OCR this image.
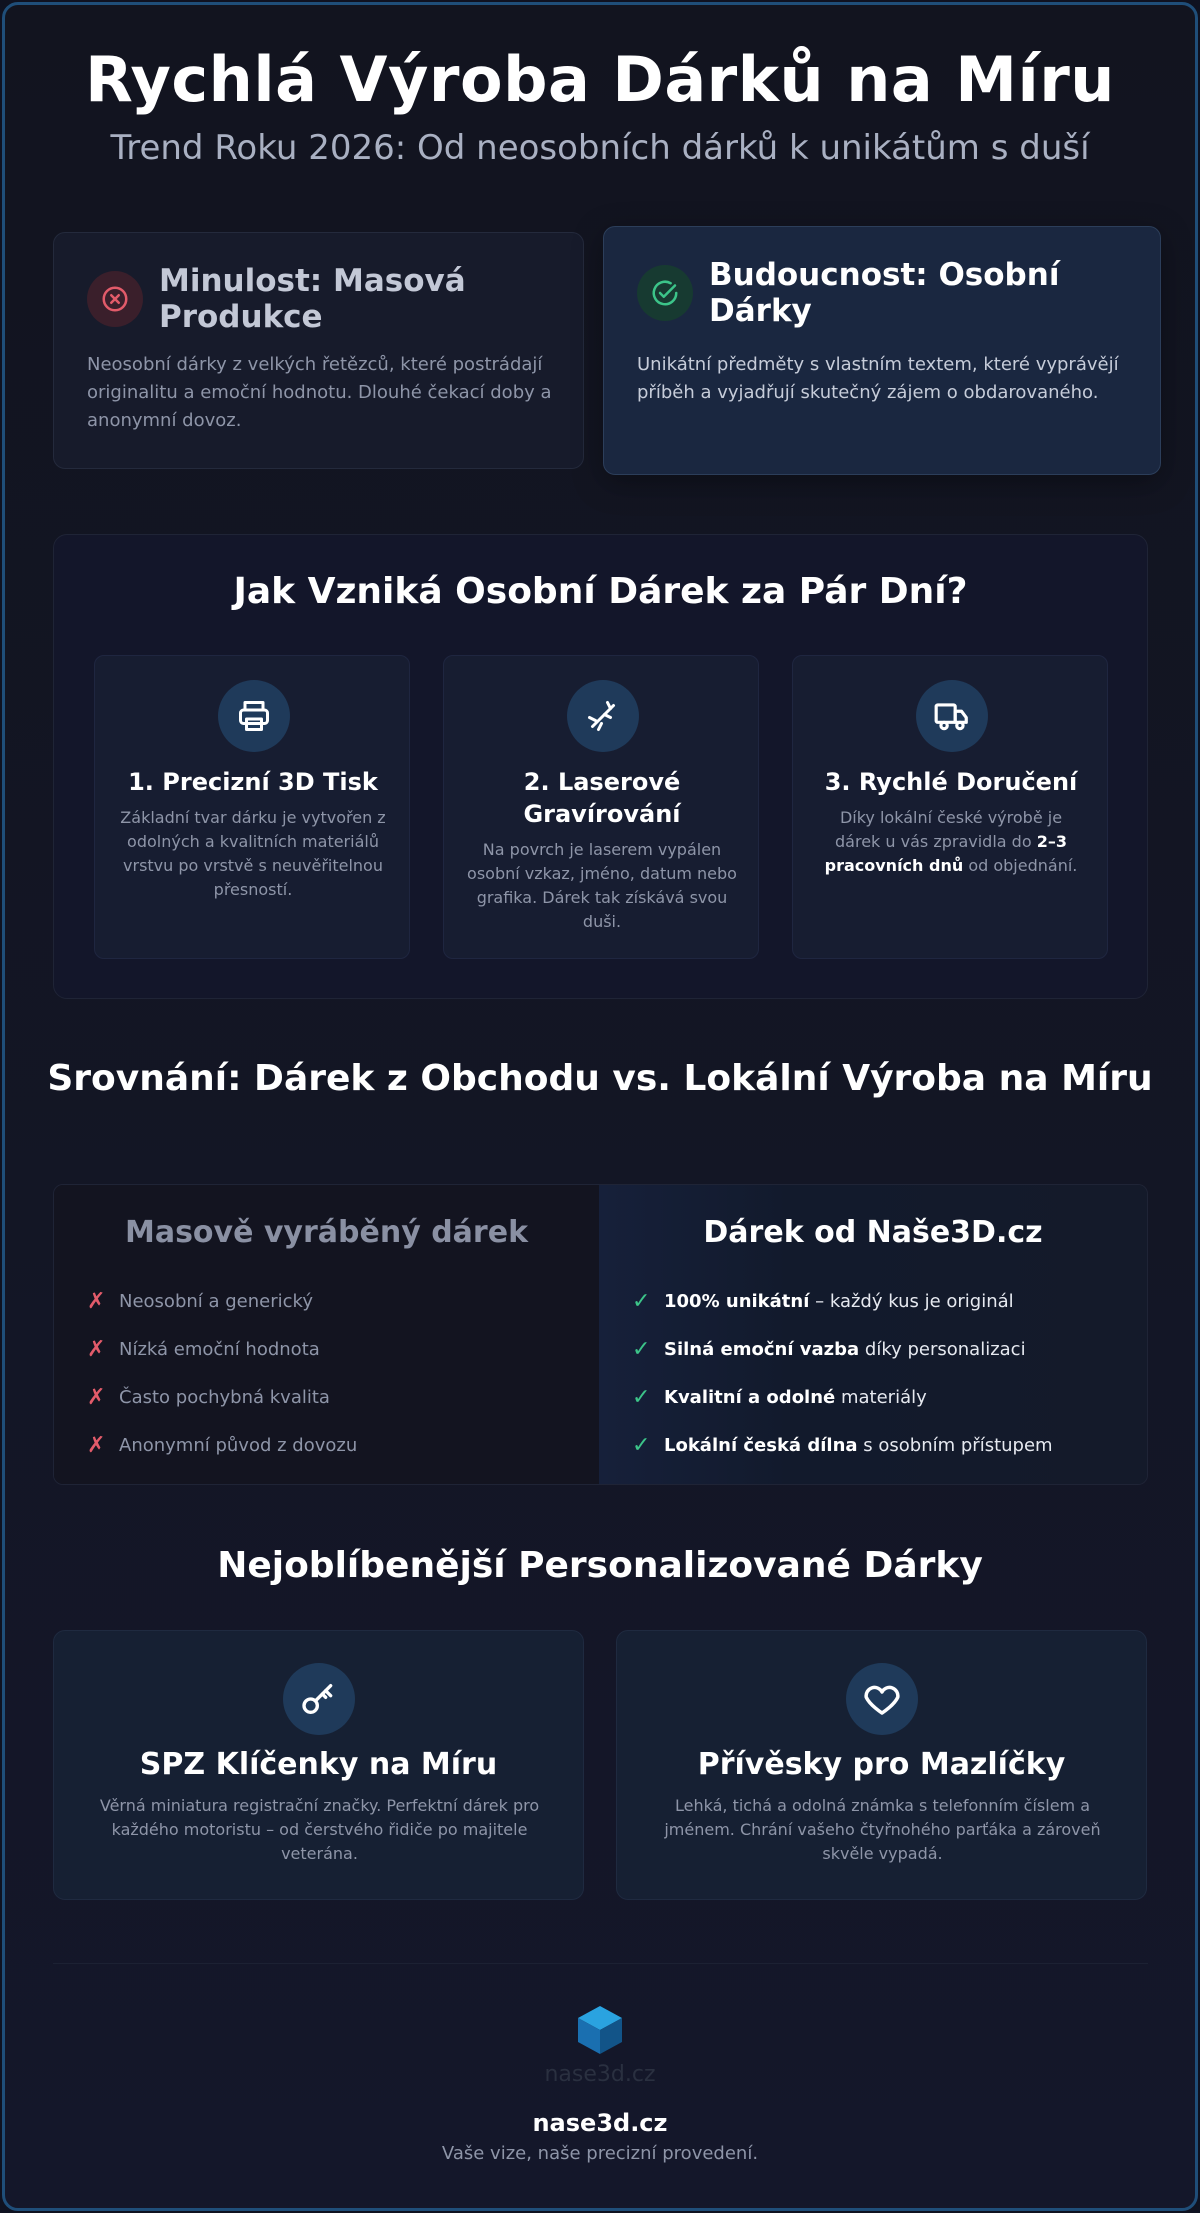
Rychlá Výroba Dárků na Míru
Trend Roku 2026: Od neosobních dárků k unikátům s duší
Minulost: Masová Produkce

Neosobní dárky z velkých řetězců, které postrádají originalitu a emoční hodnotu. Dlouhé čekací doby a anonymní dovoz.

Budoucnost: Osobní Dárky

Unikátní předměty s vlastním textem, které vyprávějí příběh a vyjadřují skutečný zájem o obdarovaného.

Jak Vzniká Osobní Dárek za Pár Dní?
1. Precizní 3D Tisk

Základní tvar dárku je vytvořen z odolných a kvalitních materiálů vrstvu po vrstvě s neuvěřitelnou přesností.

2. Laserové Gravírování

Na povrch je laserem vypálen osobní vzkaz, jméno, datum nebo grafika. Dárek tak získává svou duši.

3. Rychlé Doručení

Díky lokální české výrobě je dárek u vás zpravidla do 2–3 pracovních dnů od objednání.

Srovnání: Dárek z Obchodu vs. Lokální Výroba na Míru
Masově vyráběný dárek
✗ Neosobní a generický
✗ Nízká emoční hodnota
✗ Často pochybná kvalita
✗ Anonymní původ z dovozu
Dárek od Naše3D.cz
✓ 100% unikátní – každý kus je originál
✓ Silná emoční vazba díky personalizaci
✓ Kvalitní a odolné materiály
✓ Lokální česká dílna s osobním přístupem
Nejoblíbenější Personalizované Dárky
SPZ Klíčenky na Míru

Věrná miniatura registrační značky. Perfektní dárek pro každého motoristu – od čerstvého řidiče po majitele veterána.

Přívěsky pro Mazlíčky

Lehká, tichá a odolná známka s telefonním číslem a jménem. Chrání vašeho čtyřnohého parťáka a zároveň skvěle vypadá.

nase3d.cz
nase3d.cz
Vaše vize, naše precizní provedení.
